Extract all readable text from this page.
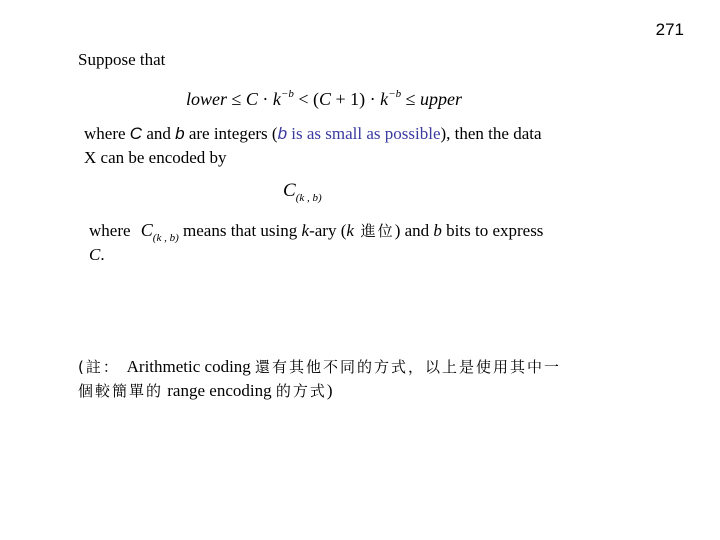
271
Suppose that
lower ≤ $C \cdot k^{-b} < (C + 1) \cdot k^{-b}$ ≤ upper
where C and b are integers (b is as small as possible), then the data
X can be encoded by
$C_{(k , b)}$
where $C_{(k , b)}$ means that using k-ary (k 進位) and b bits to express
C.
(註： Arithmetic coding 還有其他不同的方式，以上是使用其中一
個較簡單的 range encoding 的方式)
